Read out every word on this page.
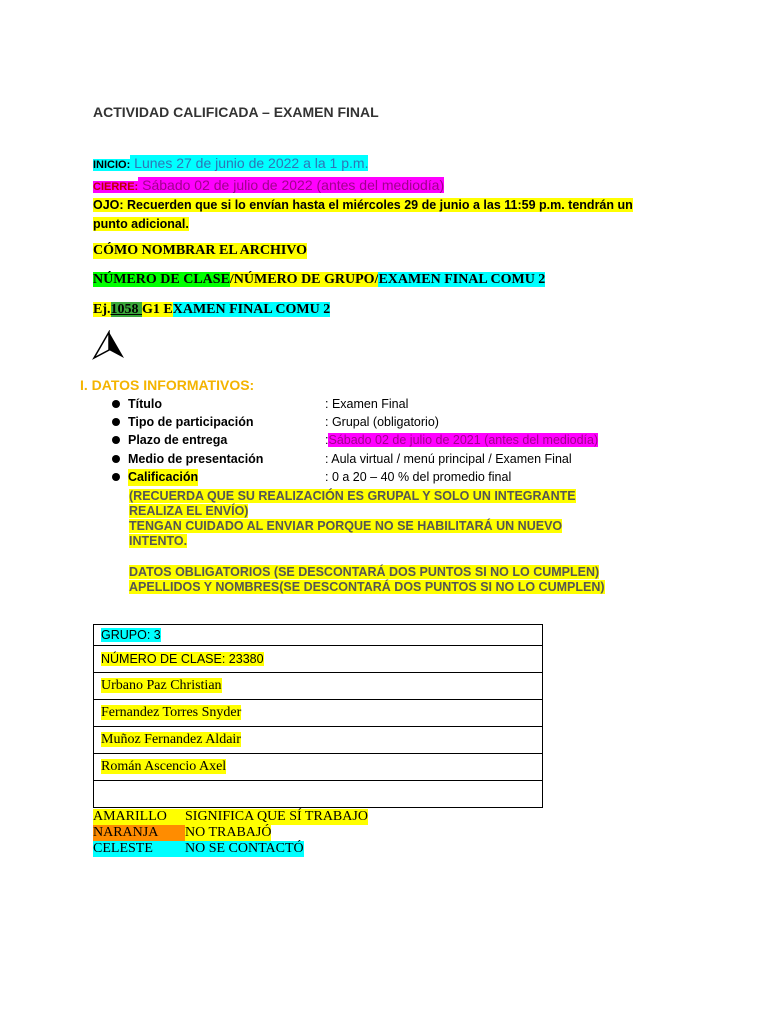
ACTIVIDAD CALIFICADA – EXAMEN FINAL
INICIO: Lunes 27 de junio de 2022 a la 1 p.m.
CIERRE: Sábado 02 de julio de 2022 (antes del mediodía)
OJO: Recuerden que si lo envían hasta el miércoles 29 de junio a las 11:59 p.m. tendrán un
punto adicional.
CÓMO NOMBRAR EL ARCHIVO
NÚMERO DE CLASE/NÚMERO DE GRUPO/EXAMEN FINAL COMU 2
Ej.1058 G1 EXAMEN FINAL COMU 2
I. DATOS INFORMATIVOS:
Título	: Examen Final
Tipo de participación	: Grupal (obligatorio)
Plazo de entrega	:Sábado 02 de julio de 2021 (antes del mediodía)
Medio de presentación	: Aula virtual / menú principal / Examen Final
Calificación	: 0 a 20 – 40 % del promedio final
(RECUERDA QUE SU REALIZACIÓN ES GRUPAL Y SOLO UN INTEGRANTE
REALIZA EL ENVÍO)
TENGAN CUIDADO AL ENVIAR PORQUE NO SE HABILITARÁ UN NUEVO
INTENTO.
DATOS OBLIGATORIOS (SE DESCONTARÁ DOS PUNTOS SI NO LO CUMPLEN)
APELLIDOS Y NOMBRES(SE DESCONTARÁ DOS PUNTOS SI NO LO CUMPLEN)
GRUPO: 3
NÚMERO DE CLASE: 23380
Urbano Paz Christian
Fernandez Torres Snyder
Muñoz Fernandez Aldair
Román Ascencio Axel

AMARILLO SIGNIFICA QUE SÍ TRABAJO
NARANJA NO TRABAJÓ
CELESTE NO SE CONTACTÓ
